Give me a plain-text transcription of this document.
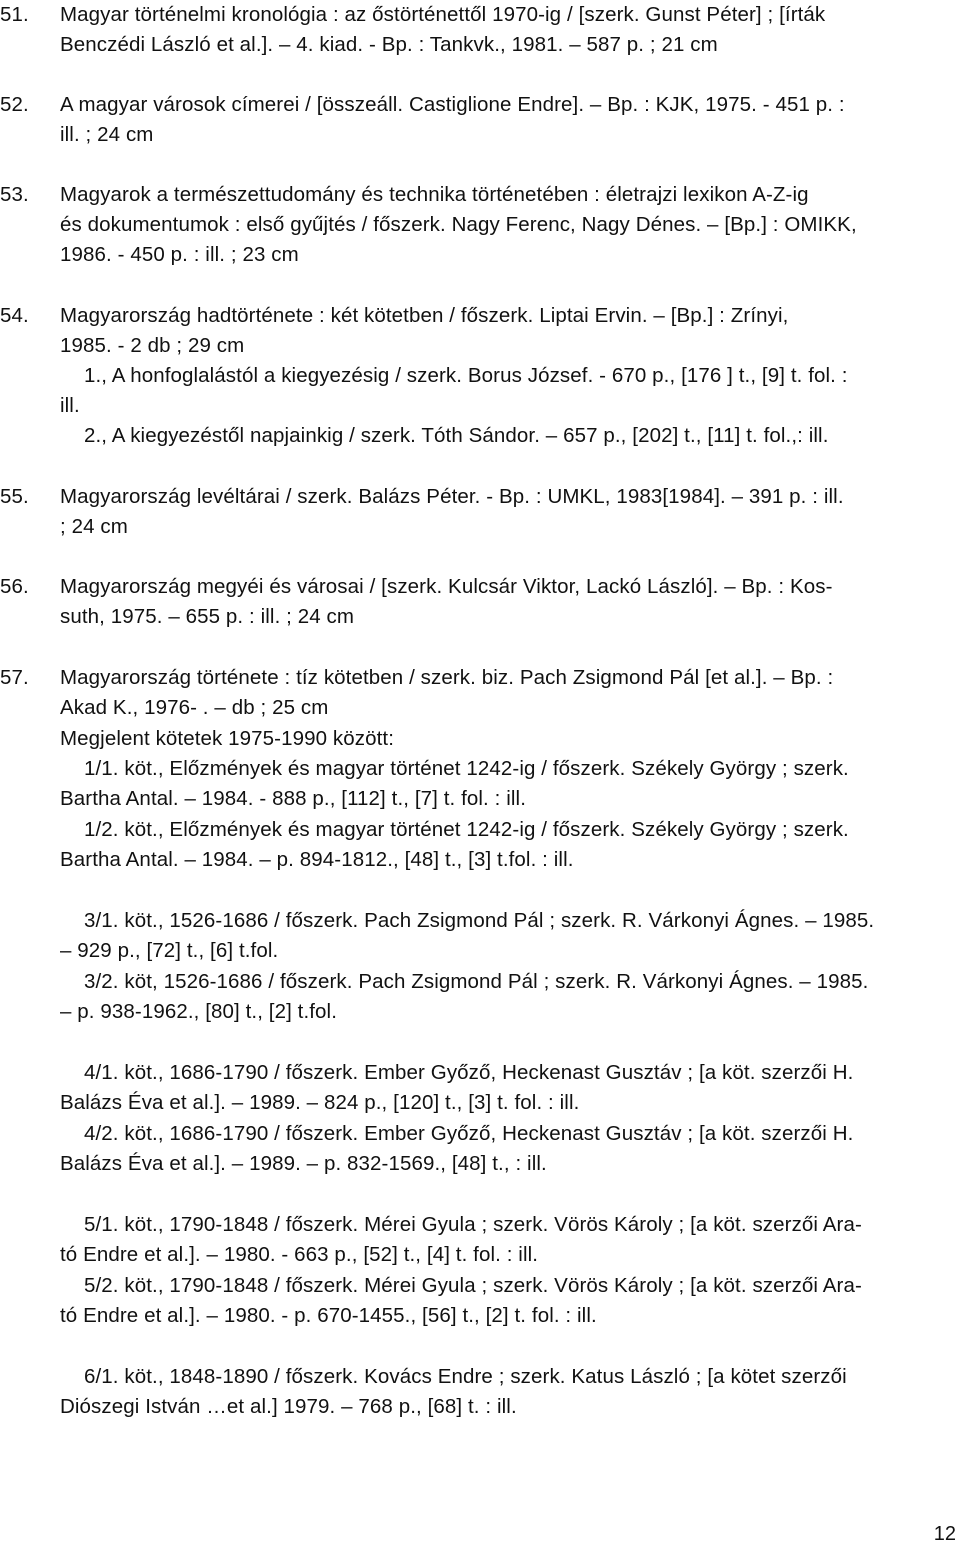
51. Magyar történelmi kronológia : az őstörténettől 1970-ig / [szerk. Gunst Péter] ; [írták
Benczédi László et al.]. – 4. kiad. - Bp. : Tankvk., 1981. – 587 p. ; 21 cm
52. A magyar városok címerei / [összeáll. Castiglione Endre]. – Bp. : KJK, 1975. - 451 p. :
ill. ; 24 cm
53. Magyarok a természettudomány és technika történetében : életrajzi lexikon A-Z-ig
és dokumentumok : első gyűjtés / főszerk. Nagy Ferenc, Nagy Dénes. – [Bp.] : OMIKK,
1986. - 450 p. : ill. ; 23 cm
54. Magyarország hadtörténete : két kötetben / főszerk. Liptai Ervin. – [Bp.] : Zrínyi,
1985. - 2 db ; 29 cm
1., A honfoglalástól a kiegyezésig / szerk. Borus József. - 670 p., [176 ] t., [9] t. fol. :
ill.
2., A kiegyezéstől napjainkig / szerk. Tóth Sándor. – 657 p., [202] t., [11] t. fol.,: ill.
55. Magyarország levéltárai / szerk. Balázs Péter. - Bp. : UMKL, 1983[1984]. – 391 p. : ill.
; 24 cm
56. Magyarország megyéi és városai / [szerk. Kulcsár Viktor, Lackó László]. – Bp. : Kos-
suth, 1975. – 655 p. : ill. ; 24 cm
57. Magyarország története : tíz kötetben / szerk. biz. Pach Zsigmond Pál [et al.]. – Bp. :
Akad K., 1976- . – db ; 25 cm
Megjelent kötetek 1975-1990 között:
1/1. köt., Előzmények és magyar történet 1242-ig / főszerk. Székely György ; szerk.
Bartha Antal. – 1984. - 888 p., [112] t., [7] t. fol. : ill.
1/2. köt., Előzmények és magyar történet 1242-ig / főszerk. Székely György ; szerk.
Bartha Antal. – 1984. – p. 894-1812., [48] t., [3] t.fol. : ill.
3/1. köt., 1526-1686 / főszerk. Pach Zsigmond Pál ; szerk. R. Várkonyi Ágnes. – 1985.
– 929 p., [72] t., [6] t.fol.
3/2. köt, 1526-1686 / főszerk. Pach Zsigmond Pál ; szerk. R. Várkonyi Ágnes. – 1985.
– p. 938-1962., [80] t., [2] t.fol.
4/1. köt., 1686-1790 / főszerk. Ember Győző, Heckenast Gusztáv ; [a köt. szerzői H.
Balázs Éva et al.]. – 1989. – 824 p., [120] t., [3] t. fol. : ill.
4/2. köt., 1686-1790 / főszerk. Ember Győző, Heckenast Gusztáv ; [a köt. szerzői H.
Balázs Éva et al.]. – 1989. – p. 832-1569., [48] t., : ill.
5/1. köt., 1790-1848 / főszerk. Mérei Gyula ; szerk. Vörös Károly ; [a köt. szerzői Ara-
tó Endre et al.]. – 1980. - 663 p., [52] t., [4] t. fol. : ill.
5/2. köt., 1790-1848 / főszerk. Mérei Gyula ; szerk. Vörös Károly ; [a köt. szerzői Ara-
tó Endre et al.]. – 1980. - p. 670-1455., [56] t., [2] t. fol. : ill.
6/1. köt., 1848-1890 / főszerk. Kovács Endre ; szerk. Katus László ; [a kötet szerzői
Diószegi István …et al.] 1979. – 768 p., [68] t. : ill.
12
